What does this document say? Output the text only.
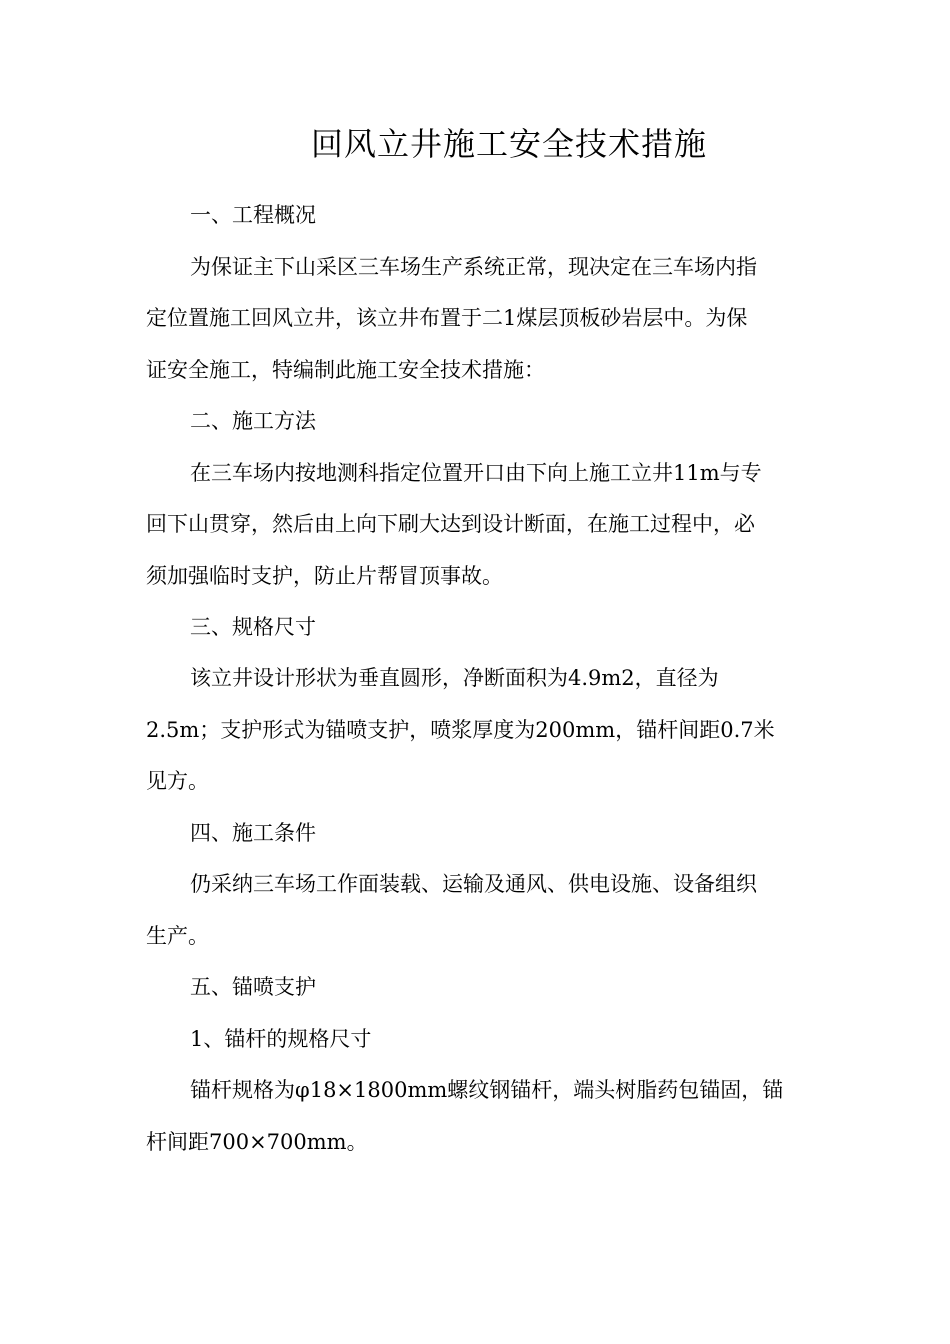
回风立井施工安全技术措施
一、工程概况
为保证主下山采区三车场生产系统正常，现决定在三车场内指
定位置施工回风立井，该立井布置于二1煤层顶板砂岩层中。为保
证安全施工，特编制此施工安全技术措施：
二、施工方法
在三车场内按地测科指定位置开口由下向上施工立井11m与专
回下山贯穿，然后由上向下刷大达到设计断面，在施工过程中，必
须加强临时支护，防止片帮冒顶事故。
三、规格尺寸
该立井设计形状为垂直圆形，净断面积为4.9m2，直径为
2.5m；支护形式为锚喷支护，喷浆厚度为200mm，锚杆间距0.7米
见方。
四、施工条件
仍采纳三车场工作面装载、运输及通风、供电设施、设备组织
生产。
五、锚喷支护
1、锚杆的规格尺寸
锚杆规格为φ18×1800mm螺纹钢锚杆，端头树脂药包锚固，锚
杆间距700×700mm。
